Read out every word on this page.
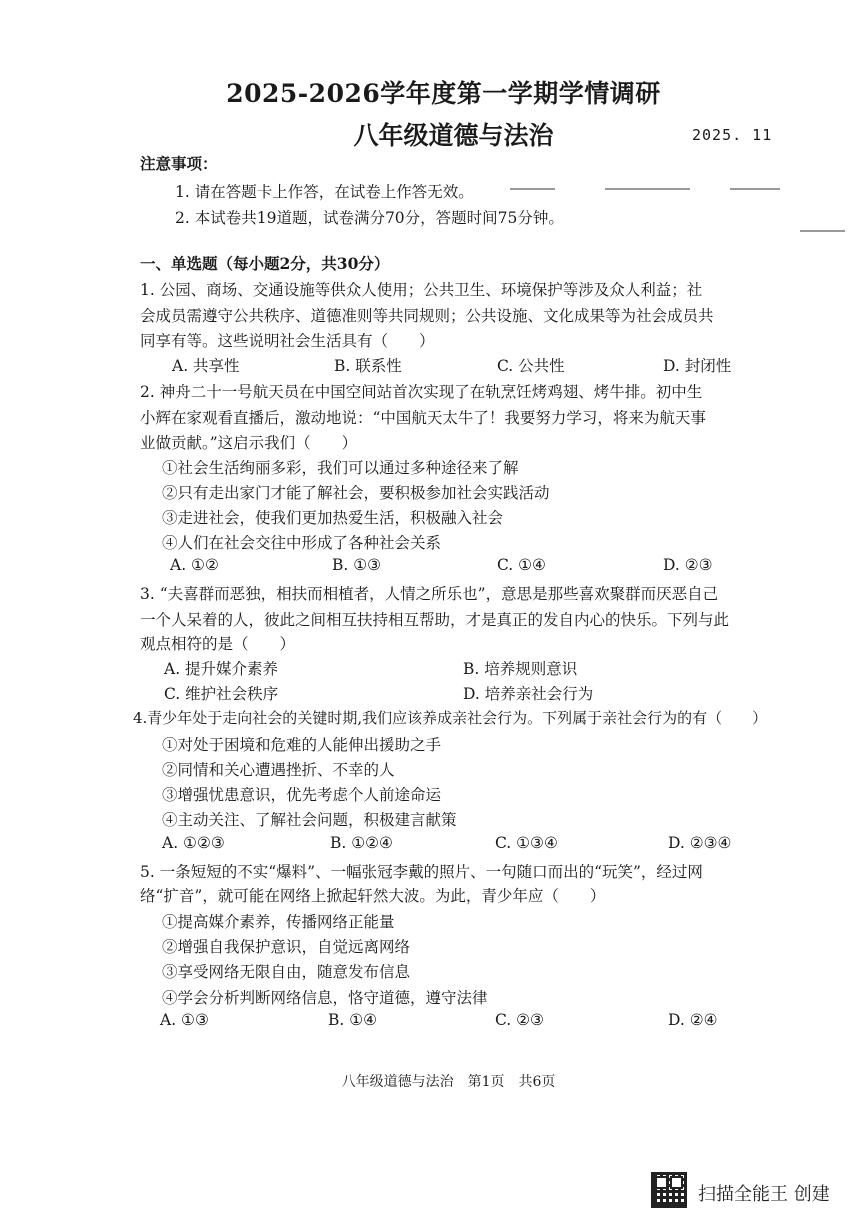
2025-2026学年度第一学期学情调研
八年级道德与法治	2025. 11
注意事项：
1. 请在答题卡上作答，在试卷上作答无效。
2. 本试卷共19道题，试卷满分70分，答题时间75分钟。
一、单选题（每小题2分，共30分）
1. 公园、商场、交通设施等供众人使用；公共卫生、环境保护等涉及众人利益；社
会成员需遵守公共秩序、道德准则等共同规则；公共设施、文化成果等为社会成员共
同享有等。这些说明社会生活具有（　　）
A. 共享性	B. 联系性	C. 公共性	D. 封闭性
2. 神舟二十一号航天员在中国空间站首次实现了在轨烹饪烤鸡翅、烤牛排。初中生
小辉在家观看直播后，激动地说：“中国航天太牛了！我要努力学习，将来为航天事
业做贡献。”这启示我们（　　）
①社会生活绚丽多彩，我们可以通过多种途径来了解
②只有走出家门才能了解社会，要积极参加社会实践活动
③走进社会，使我们更加热爱生活，积极融入社会
④人们在社会交往中形成了各种社会关系
A. ①②	B. ①③	C. ①④	D. ②③
3. “夫喜群而恶独，相扶而相植者，人情之所乐也”，意思是那些喜欢聚群而厌恶自己
一个人呆着的人，彼此之间相互扶持相互帮助，才是真正的发自内心的快乐。下列与此
观点相符的是（　　）
A. 提升媒介素养	B. 培养规则意识
C. 维护社会秩序	D. 培养亲社会行为
4.青少年处于走向社会的关键时期,我们应该养成亲社会行为。下列属于亲社会行为的有（　　）
①对处于困境和危难的人能伸出援助之手
②同情和关心遭遇挫折、不幸的人
③增强忧患意识，优先考虑个人前途命运
④主动关注、了解社会问题，积极建言献策
A. ①②③	B. ①②④	C. ①③④	D. ②③④
5. 一条短短的不实“爆料”、一幅张冠李戴的照片、一句随口而出的“玩笑”，经过网
络“扩音”，就可能在网络上掀起轩然大波。为此，青少年应（　　）
①提高媒介素养，传播网络正能量
②增强自我保护意识，自觉远离网络
③享受网络无限自由，随意发布信息
④学会分析判断网络信息，恪守道德，遵守法律
A. ①③	B. ①④	C. ②③	D. ②④
八年级道德与法治　第1页　共6页
扫描全能王 创建
